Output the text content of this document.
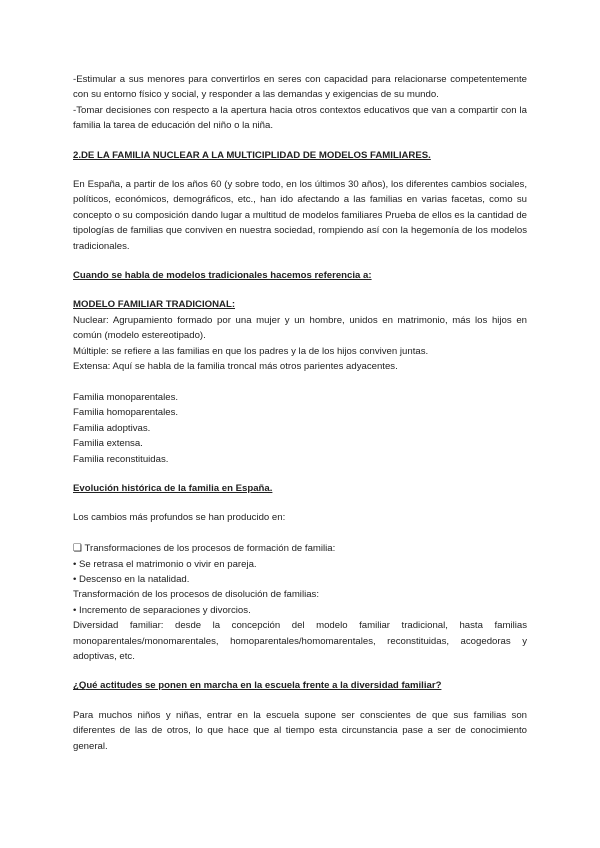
-Estimular a sus menores para convertirlos en seres con capacidad para relacionarse competentemente con su entorno físico y social, y responder a las demandas y exigencias de su mundo.

-Tomar decisiones con respecto a la apertura hacia otros contextos educativos que van a compartir con la familia la tarea de educación del niño o la niña.

2.DE LA FAMILIA NUCLEAR A LA MULTICIPLIDAD DE MODELOS FAMILIARES.

En España, a partir de los años 60 (y sobre todo, en los últimos 30 años), los diferentes cambios sociales, políticos, económicos, demográficos, etc., han ido afectando a las familias en varias facetas, como su concepto o su composición dando lugar a multitud de modelos familiares Prueba de ellos es la cantidad de tipologías de familias que conviven en nuestra sociedad, rompiendo así con la hegemonía de los modelos tradicionales.

Cuando se habla de modelos tradicionales hacemos referencia a:

MODELO FAMILIAR TRADICIONAL:

Nuclear: Agrupamiento formado por una mujer y un hombre, unidos en matrimonio, más los hijos en común (modelo estereotipado).

Múltiple: se refiere a las familias en que los padres y la de los hijos conviven juntas.

Extensa: Aquí se habla de la familia troncal más otros parientes adyacentes.

Familia monoparentales.

Familia homoparentales.

Familia adoptivas.

Familia extensa.

Familia reconstituidas.

Evolución histórica de la familia en España.

Los cambios más profundos se han producido en:

❏ Transformaciones de los procesos de formación de familia:

• Se retrasa el matrimonio o vivir en pareja.

• Descenso en la natalidad.

Transformación de los procesos de disolución de familias:

• Incremento de separaciones y divorcios.

Diversidad familiar: desde la concepción del modelo familiar tradicional, hasta familias monoparentales/monomarentales, homoparentales/homomarentales, reconstituidas, acogedoras y adoptivas, etc.

¿Qué actitudes se ponen en marcha en la escuela frente a la diversidad familiar?

Para muchos niños y niñas, entrar en la escuela supone ser conscientes de que sus familias son diferentes de las de otros, lo que hace que al tiempo esta circunstancia pase a ser de conocimiento general.
